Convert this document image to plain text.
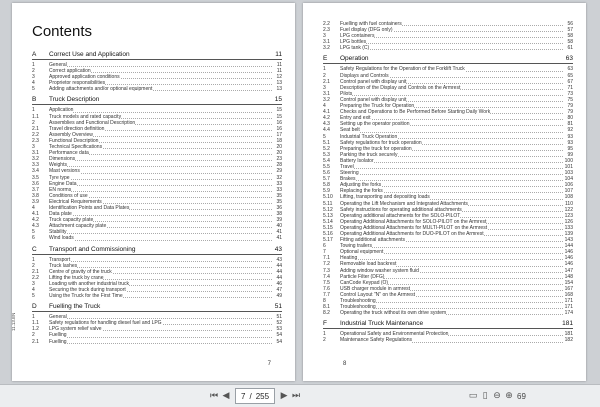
Contents
A Correct Use and Application	11
1	General	11
2	Correct application	11
3	Approved application conditions	12
4	Proprietor responsibilities	13
5	Adding attachments and/or optional equipment	13
B Truck Description	15
1	Application	15
1.1 Truck models and rated capacity	15
2	Assemblies and Functional Description	16
2.1 Travel direction definition	16
2.2 Assembly Overview	17
2.3 Functional Description	18
3	Technical Specifications	20
3.1 Performance data	20
3.2 Dimensions	23
3.3 Weights	28
3.4 Mast versions	29
3.5 Tyre type	32
3.6 Engine Data	33
3.7 EN norms	33
3.8 Conditions of use	35
3.9 Electrical Requirements	35
4	Identification Points and Data Plates	36
4.1 Data plate	38
4.2 Truck capacity plate	39
4.3 Attachment capacity plate	40
5	Stability	41
6	Wind loads	41
C Transport and Commissioning	43
1	Transport	43
2	Truck lashes	44
2.1 Centre of gravity of the truck	44
2.2 Lifting the truck by crane	44
3	Loading with another industrial truck	46
4	Securing the truck during transport	47
5	Using the Truck for the First Time	49
D Fuelling the Truck	51
1	General	51
1.1 Safety regulations for handling diesel fuel and LPG	52
1.2 LPG system relief valve	53
2	Fuelling	54
2.1 Fuelling	54
11.13.EN
7
2.2 Fuelling with fuel containers	56
2.3 Fuel display (DFG only)	57
3	LPG containers	58
3.1 LPG bottles	58
3.2 LPG tank (C)	61
E Operation	63
1	Safety Regulations for the Operation of the Forklift Truck	63
2	Displays and Controls	65
2.1 Control panel with display unit	67
3	Description of the Display and Controls on the Armrest	71
3.1 Pilots	73
3.2 Control panel with display unit	75
4	Preparing the Truck for Operation	79
4.1 Checks and Operations to Be Performed Before Starting Daily Work	79
4.2 Entry and exit	80
4.3 Setting up the operator position	81
4.4 Seat belt	92
5	Industrial Truck Operation	93
5.1 Safety regulations for truck operation	93
5.2 Preparing the truck for operation	95
5.3 Parking the truck securely	99
5.4 Battery Isolator	100
5.5 Travel	101
5.6 Steering	103
5.7 Brakes	104
5.8 Adjusting the forks	106
5.9 Replacing the forks	107
5.10 Lifting, transporting and depositing loads	108
5.11 Operating the Lift Mechanism and Integrated Attachments	110
5.12 Safety instructions for operating additional attachments	122
5.13 Operating additional attachments for the SOLO-PILOT	123
5.14 Operating Additional Attachments for SOLO-PILOT on the Armrest	126
5.15 Operating Additional Attachments for MULTI-PILOT on the Armrest	133
5.16 Operating Additional Attachments for DUO-PILOT on the Armrest	139
5.17 Fitting additional attachments	143
6	Towing trailers	144
7	Optional equipment	146
7.1 Heating	146
7.2 Removable load backrest	146
7.3 Adding window washer system fluid	147
7.4 Particle Filter (DFG)	148
7.5 CanCode Keypad (O)	154
7.6 USB charger module in armrest	167
7.7 Control Layout "N" on the Armrest	168
8	Troubleshooting	171
8.1 Troubleshooting	171
8.2 Operating the truck without its own drive system	174
F Industrial Truck Maintenance	181
1	Operational Safety and Environmental Protection	181
2	Maintenance Safety Regulations	182
8
⏮ ◀	7 / 255 ▶ ⏭	▭ ▯ ⊖ ⊕ 69
